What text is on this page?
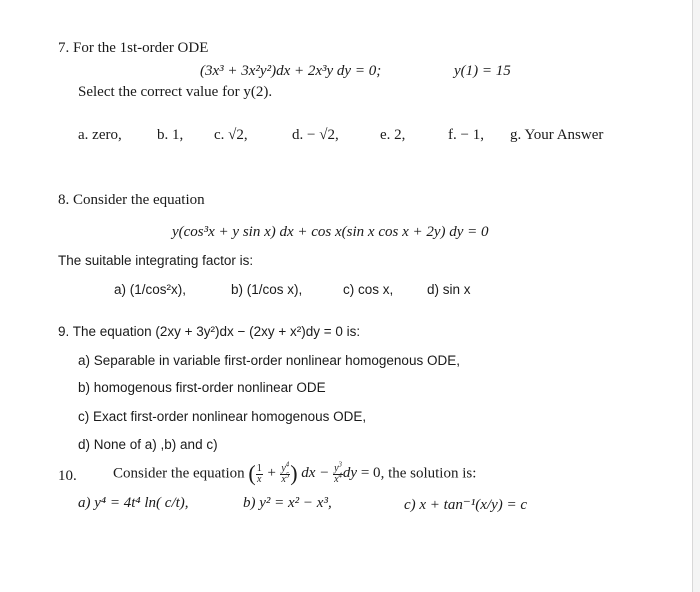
7. For the 1st-order ODE
(3x³ + 3x²y²)dx + 2x³y dy = 0;	y(1) = 15
Select the correct value for y(2).
a. zero, b. 1, c. √2,	d. − √2,	e. 2,	f. − 1, g. Your Answer
8. Consider the equation
y(cos³x + y sin x) dx + cos x(sin x cos x + 2y) dy = 0
The suitable integrating factor is:
a) (1/cos²x),	b) (1/cos x),	c) cos x, d) sin x
9. The equation (2xy + 3y²)dx − (2xy + x²)dy = 0 is:
a) Separable in variable first-order nonlinear homogenous ODE,
b) homogenous first-order nonlinear ODE
c) Exact first-order nonlinear homogenous ODE,
d) None of a) ,b) and c)
10. Consider the equation ( $\frac{1}{x} + \frac{y^4}{x^5}$ ) dx − $\frac{y^3}{x^4}$ dy = 0, the solution is:
a) y⁴ = 4t⁴ ln( c/t),	b) y² = x² − x³,	c) x + tan⁻¹(x/y) = c
